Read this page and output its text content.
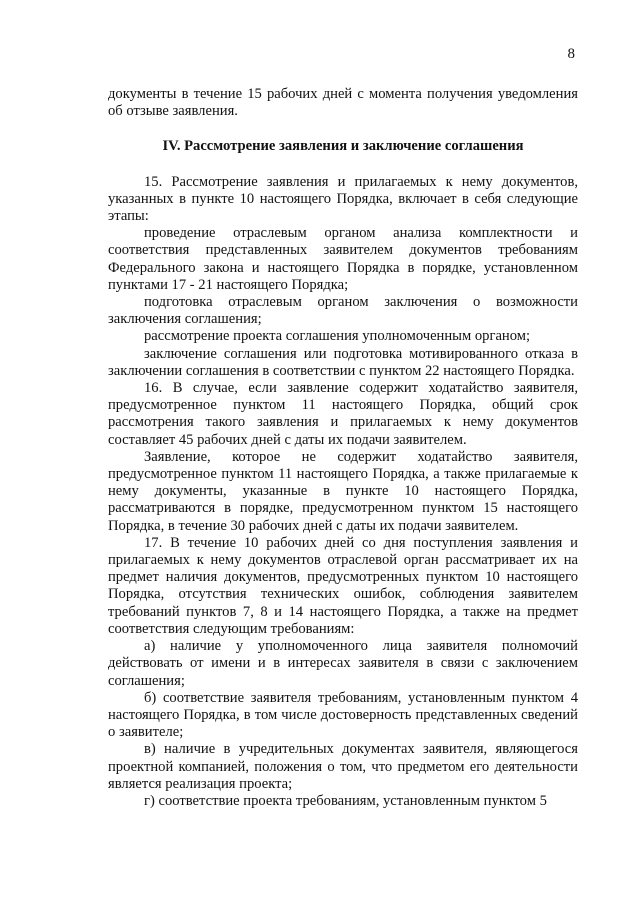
8

документы в течение 15 рабочих дней с момента получения уведомления об отзыве заявления.

IV. Рассмотрение заявления и заключение соглашения

15. Рассмотрение заявления и прилагаемых к нему документов, указанных в пункте 10 настоящего Порядка, включает в себя следующие этапы:

проведение отраслевым органом анализа комплектности и соответствия представленных заявителем документов требованиям Федерального закона и настоящего Порядка в порядке, установленном пунктами 17 - 21 настоящего Порядка;

подготовка отраслевым органом заключения о возможности заключения соглашения;

рассмотрение проекта соглашения уполномоченным органом;

заключение соглашения или подготовка мотивированного отказа в заключении соглашения в соответствии с пунктом 22 настоящего Порядка.

16. В случае, если заявление содержит ходатайство заявителя, предусмотренное пунктом 11 настоящего Порядка, общий срок рассмотрения такого заявления и прилагаемых к нему документов составляет 45 рабочих дней с даты их подачи заявителем.

Заявление, которое не содержит ходатайство заявителя, предусмотренное пунктом 11 настоящего Порядка, а также прилагаемые к нему документы, указанные в пункте 10 настоящего Порядка, рассматриваются в порядке, предусмотренном пунктом 15 настоящего Порядка, в течение 30 рабочих дней с даты их подачи заявителем.

17. В течение 10 рабочих дней со дня поступления заявления и прилагаемых к нему документов отраслевой орган рассматривает их на предмет наличия документов, предусмотренных пунктом 10 настоящего Порядка, отсутствия технических ошибок, соблюдения заявителем требований пунктов 7, 8 и 14 настоящего Порядка, а также на предмет соответствия следующим требованиям:

а) наличие у уполномоченного лица заявителя полномочий действовать от имени и в интересах заявителя в связи с заключением соглашения;

б) соответствие заявителя требованиям, установленным пунктом 4 настоящего Порядка, в том числе достоверность представленных сведений о заявителе;

в) наличие в учредительных документах заявителя, являющегося проектной компанией, положения о том, что предметом его деятельности является реализация проекта;

г) соответствие проекта требованиям, установленным пунктом 5
